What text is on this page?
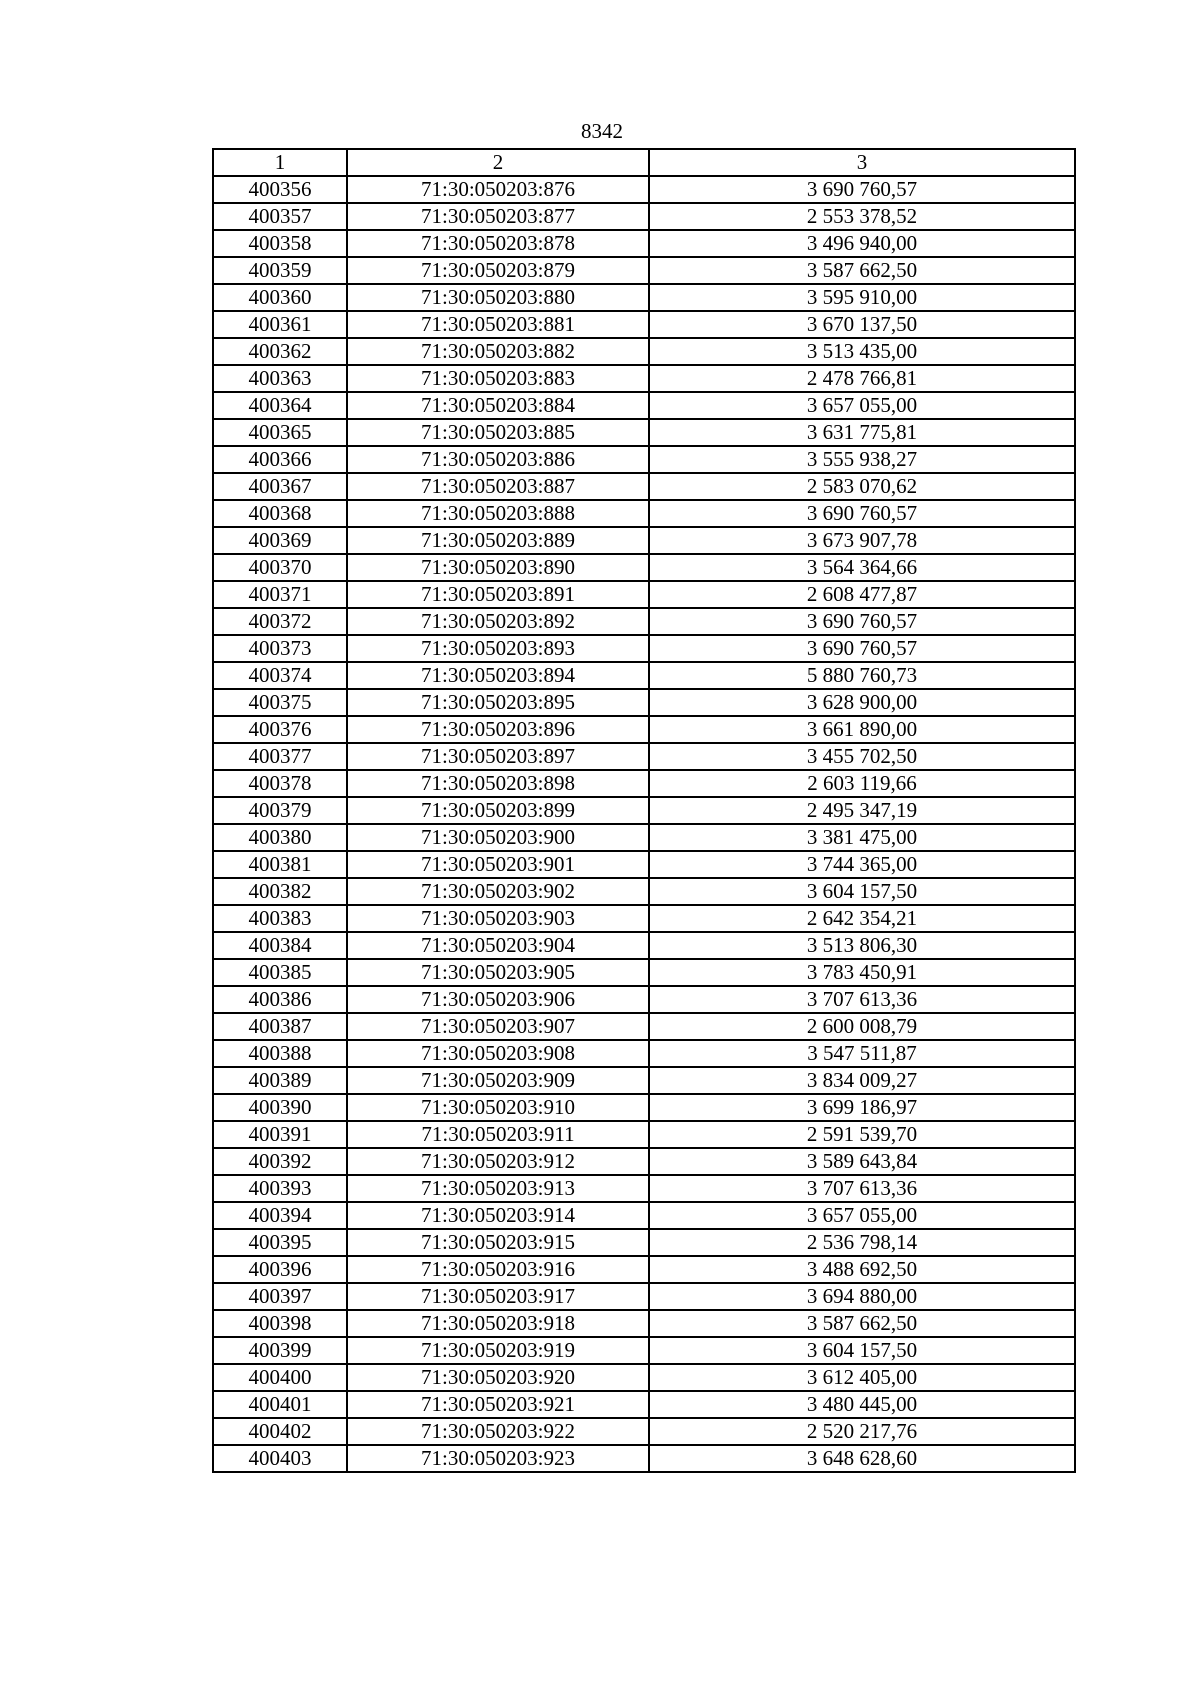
8342
1	2	3
400356	71:30:050203:876	3 690 760,57
400357	71:30:050203:877	2 553 378,52
400358	71:30:050203:878	3 496 940,00
400359	71:30:050203:879	3 587 662,50
400360	71:30:050203:880	3 595 910,00
400361	71:30:050203:881	3 670 137,50
400362	71:30:050203:882	3 513 435,00
400363	71:30:050203:883	2 478 766,81
400364	71:30:050203:884	3 657 055,00
400365	71:30:050203:885	3 631 775,81
400366	71:30:050203:886	3 555 938,27
400367	71:30:050203:887	2 583 070,62
400368	71:30:050203:888	3 690 760,57
400369	71:30:050203:889	3 673 907,78
400370	71:30:050203:890	3 564 364,66
400371	71:30:050203:891	2 608 477,87
400372	71:30:050203:892	3 690 760,57
400373	71:30:050203:893	3 690 760,57
400374	71:30:050203:894	5 880 760,73
400375	71:30:050203:895	3 628 900,00
400376	71:30:050203:896	3 661 890,00
400377	71:30:050203:897	3 455 702,50
400378	71:30:050203:898	2 603 119,66
400379	71:30:050203:899	2 495 347,19
400380	71:30:050203:900	3 381 475,00
400381	71:30:050203:901	3 744 365,00
400382	71:30:050203:902	3 604 157,50
400383	71:30:050203:903	2 642 354,21
400384	71:30:050203:904	3 513 806,30
400385	71:30:050203:905	3 783 450,91
400386	71:30:050203:906	3 707 613,36
400387	71:30:050203:907	2 600 008,79
400388	71:30:050203:908	3 547 511,87
400389	71:30:050203:909	3 834 009,27
400390	71:30:050203:910	3 699 186,97
400391	71:30:050203:911	2 591 539,70
400392	71:30:050203:912	3 589 643,84
400393	71:30:050203:913	3 707 613,36
400394	71:30:050203:914	3 657 055,00
400395	71:30:050203:915	2 536 798,14
400396	71:30:050203:916	3 488 692,50
400397	71:30:050203:917	3 694 880,00
400398	71:30:050203:918	3 587 662,50
400399	71:30:050203:919	3 604 157,50
400400	71:30:050203:920	3 612 405,00
400401	71:30:050203:921	3 480 445,00
400402	71:30:050203:922	2 520 217,76
400403	71:30:050203:923	3 648 628,60
